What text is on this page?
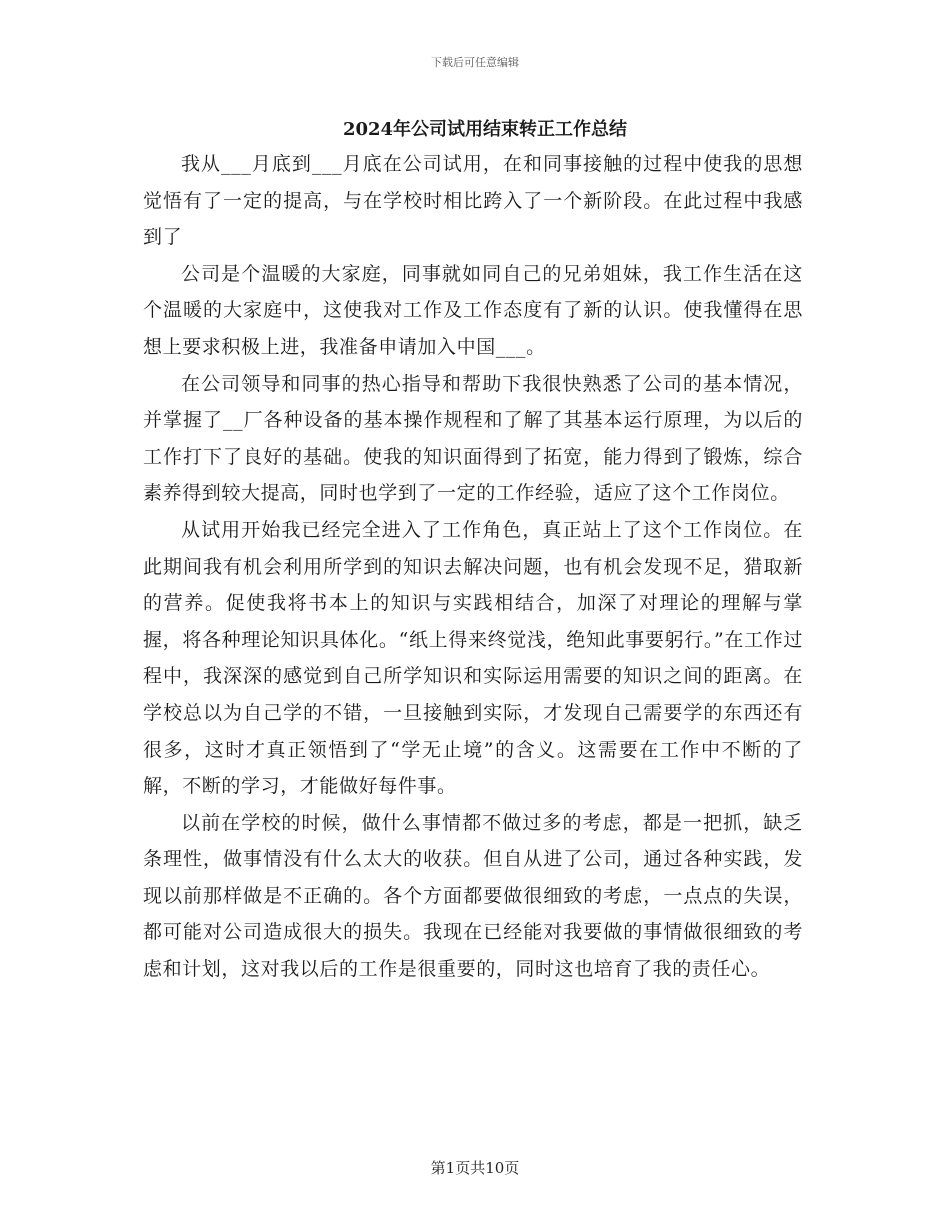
下载后可任意编辑
2024年公司试用结束转正工作总结

我从___月底到___月底在公司试用，在和同事接触的过程中使我的思想觉悟有了一定的提高，与在学校时相比跨入了一个新阶段。在此过程中我感到了

公司是个温暖的大家庭，同事就如同自己的兄弟姐妹，我工作生活在这个温暖的大家庭中，这使我对工作及工作态度有了新的认识。使我懂得在思想上要求积极上进，我准备申请加入中国___。

在公司领导和同事的热心指导和帮助下我很快熟悉了公司的基本情况，并掌握了__厂各种设备的基本操作规程和了解了其基本运行原理，为以后的工作打下了良好的基础。使我的知识面得到了拓宽，能力得到了锻炼，综合素养得到较大提高，同时也学到了一定的工作经验，适应了这个工作岗位。

从试用开始我已经完全进入了工作角色，真正站上了这个工作岗位。在此期间我有机会利用所学到的知识去解决问题，也有机会发现不足，猎取新的营养。促使我将书本上的知识与实践相结合，加深了对理论的理解与掌握，将各种理论知识具体化。“纸上得来终觉浅，绝知此事要躬行。”在工作过程中，我深深的感觉到自己所学知识和实际运用需要的知识之间的距离。在学校总以为自己学的不错，一旦接触到实际，才发现自己需要学的东西还有很多，这时才真正领悟到了“学无止境”的含义。这需要在工作中不断的了解，不断的学习，才能做好每件事。

以前在学校的时候，做什么事情都不做过多的考虑，都是一把抓，缺乏条理性，做事情没有什么太大的收获。但自从进了公司，通过各种实践，发现以前那样做是不正确的。各个方面都要做很细致的考虑，一点点的失误，都可能对公司造成很大的损失。我现在已经能对我要做的事情做很细致的考虑和计划，这对我以后的工作是很重要的，同时这也培育了我的责任心。

第1页共10页
